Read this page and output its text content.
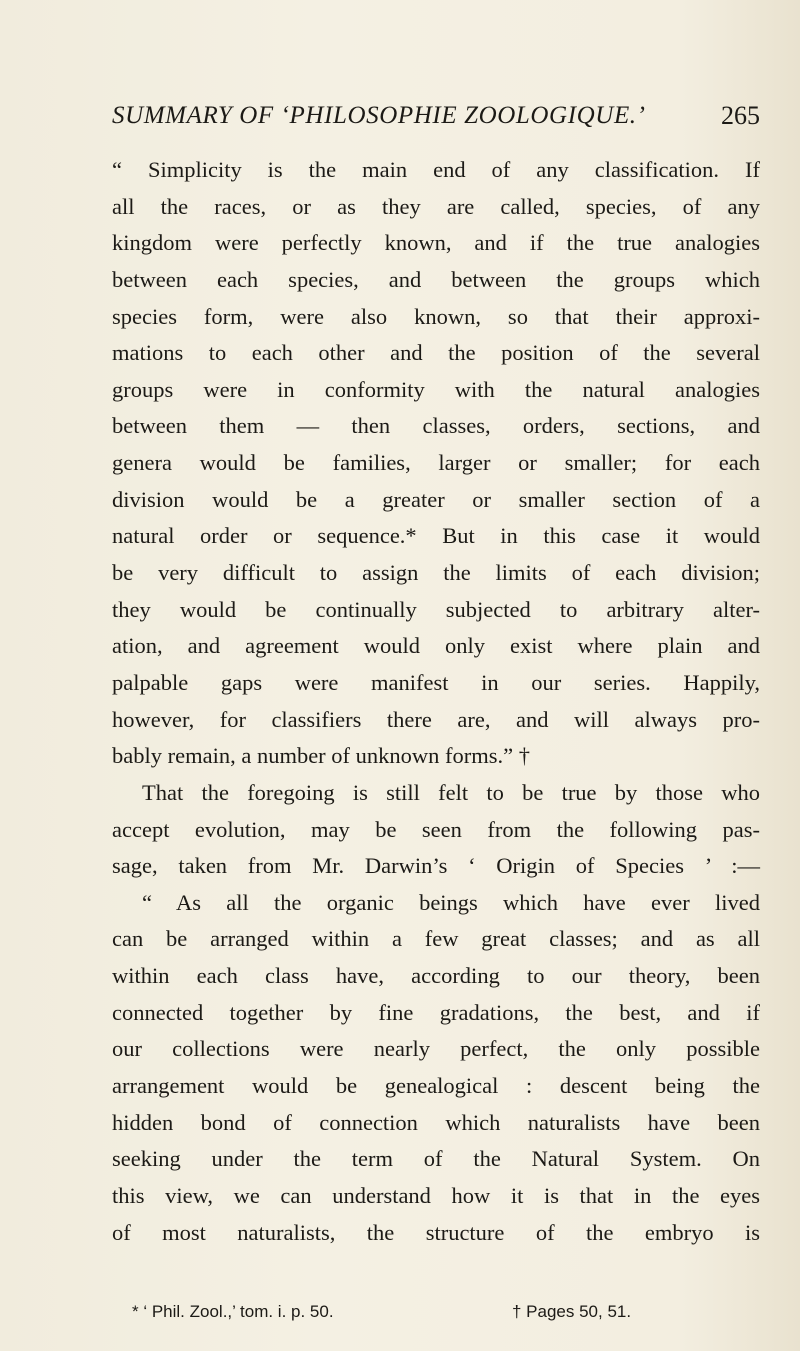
SUMMARY OF ‘PHILOSOPHIE ZOOLOGIQUE.’	265
“ Simplicity is the main end of any classification. If
all the races, or as they are called, species, of any
kingdom were perfectly known, and if the true analogies
between each species, and between the groups which
species form, were also known, so that their approxi-
mations to each other and the position of the several
groups were in conformity with the natural analogies
between them — then classes, orders, sections, and
genera would be families, larger or smaller; for each
division would be a greater or smaller section of a
natural order or sequence.* But in this case it would
be very difficult to assign the limits of each division;
they would be continually subjected to arbitrary alter-
ation, and agreement would only exist where plain and
palpable gaps were manifest in our series. Happily,
however, for classifiers there are, and will always pro-
bably remain, a number of unknown forms.” †
That the foregoing is still felt to be true by those who
accept evolution, may be seen from the following pas-
sage, taken from Mr. Darwin’s ‘ Origin of Species ’ :—
“ As all the organic beings which have ever lived
can be arranged within a few great classes; and as all
within each class have, according to our theory, been
connected together by fine gradations, the best, and if
our collections were nearly perfect, the only possible
arrangement would be genealogical : descent being the
hidden bond of connection which naturalists have been
seeking under the term of the Natural System. On
this view, we can understand how it is that in the eyes
of most naturalists, the structure of the embryo is
* ‘ Phil. Zool.,’ tom. i. p. 50.	† Pages 50, 51.
